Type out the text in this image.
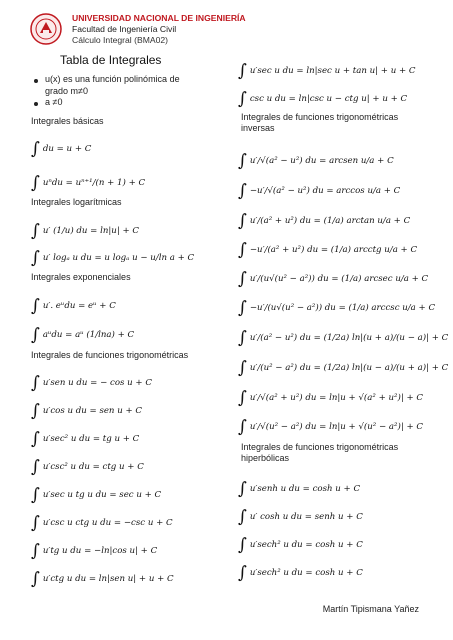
UNIVERSIDAD NACIONAL DE INGENIERÍA
Facultad de Ingeniería Civil
Cálculo Integral (BMA02)
Tabla de Integrales
u(x) es una función polinómica de
grado m≠0
a ≠0
Integrales básicas
∫ du = u + C
∫ uⁿdu = uⁿ⁺¹/(n + 1) + C
Integrales logarítmicas
∫ u′ (1/u) du = ln|u| + C
∫ u′ logₐ u du = u logₐ u − u/ln a + C
Integrales exponenciales
∫ u′. eᵘdu = eᵘ + C
∫ aᵘdu = aᵘ (1/lna) + C
Integrales de funciones trigonométricas
∫ u′sen u du = − cos u + C
∫ u′cos u du = sen u + C
∫ u′sec² u du = tg u + C
∫ u′csc² u du = ctg u + C
∫ u′sec u tg u du = sec u + C
∫ u′csc u ctg u du = −csc u + C
∫ u′tg u du = −ln|cos u| + C
∫ u′ctg u du = ln|sen u| + u + C
∫ u′sec u du = ln|sec u + tan u| + u + C
∫ csc u du = ln|csc u − ctg u| + u + C
Integrales de funciones trigonométricas inversas
∫ u′/√(a² − u²) du = arcsen u/a + C
∫ −u′/√(a² − u²) du = arccos u/a + C
∫ u′/(a² + u²) du = (1/a) arctan u/a + C
∫ −u′/(a² + u²) du = (1/a) arcctg u/a + C
∫ u′/(u√(u² − a²)) du = (1/a) arcsec u/a + C
∫ −u′/(u√(u² − a²)) du = (1/a) arccsc u/a + C
∫ u′/(a² − u²) du = (1/2a) ln|(u + a)/(u − a)| + C
∫ u′/(u² − a²) du = (1/2a) ln|(u − a)/(u + a)| + C
∫ u′/√(a² + u²) du = ln|u + √(a² + u²)| + C
∫ u′/√(u² − a²) du = ln|u + √(u² − a²)| + C
Integrales de funciones trigonométricas hiperbólicas
∫ u′senh u du = cosh u + C
∫ u′ cosh u du = senh u + C
∫ u′sech² u du = cosh u + C
∫ u′sech² u du = cosh u + C
Martín Tipismana Yañez
